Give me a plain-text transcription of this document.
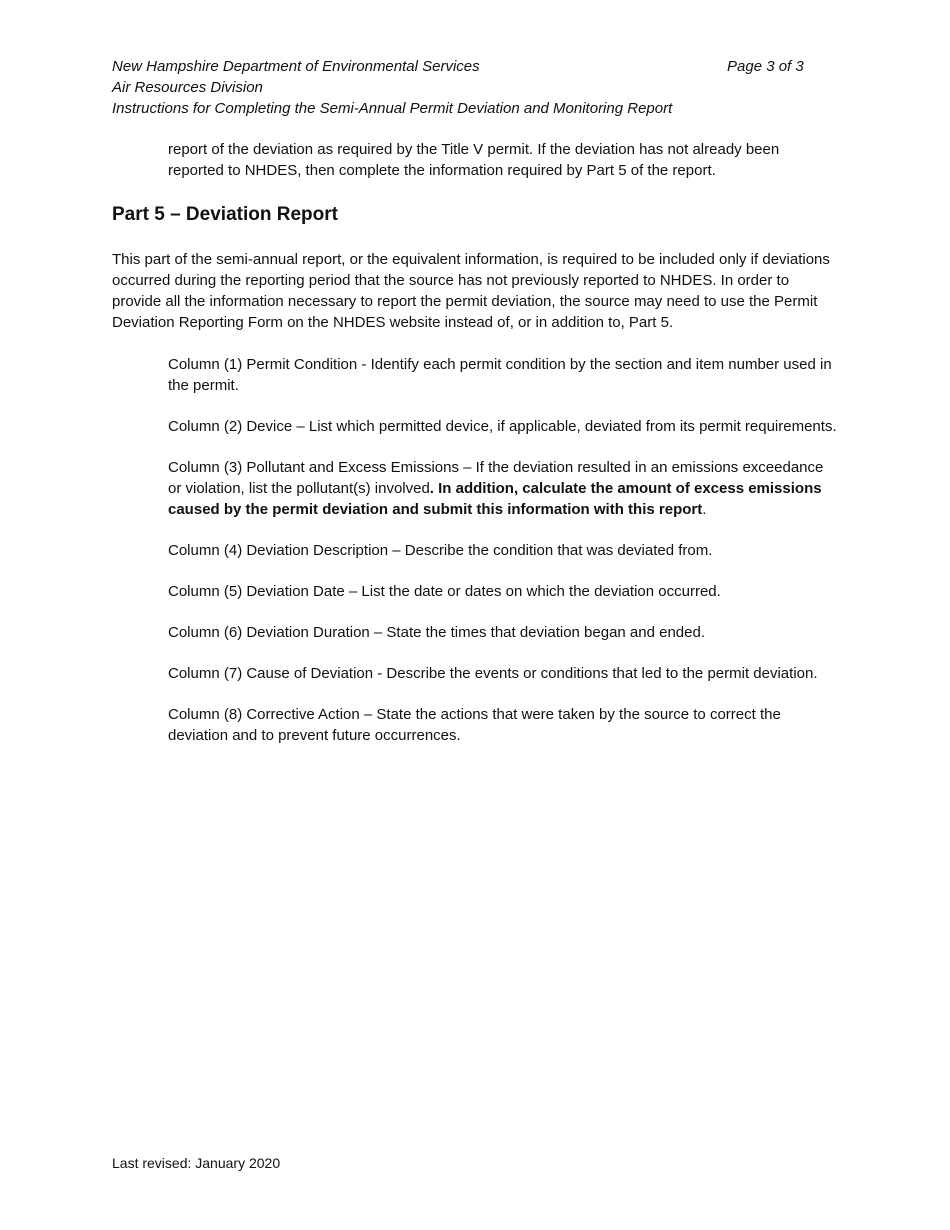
New Hampshire Department of Environmental Services
Air Resources Division
Instructions for Completing the Semi-Annual Permit Deviation and Monitoring Report
Page 3 of 3

report of the deviation as required by the Title V permit. If the deviation has not already been reported to NHDES, then complete the information required by Part 5 of the report.

Part 5 – Deviation Report

This part of the semi-annual report, or the equivalent information, is required to be included only if deviations occurred during the reporting period that the source has not previously reported to NHDES. In order to provide all the information necessary to report the permit deviation, the source may need to use the Permit Deviation Reporting Form on the NHDES website instead of, or in addition to, Part 5.

Column (1) Permit Condition - Identify each permit condition by the section and item number used in the permit.

Column (2) Device – List which permitted device, if applicable, deviated from its permit requirements.

Column (3) Pollutant and Excess Emissions – If the deviation resulted in an emissions exceedance or violation, list the pollutant(s) involved. In addition, calculate the amount of excess emissions caused by the permit deviation and submit this information with this report.

Column (4) Deviation Description – Describe the condition that was deviated from.

Column (5) Deviation Date – List the date or dates on which the deviation occurred.

Column (6) Deviation Duration – State the times that deviation began and ended.

Column (7) Cause of Deviation - Describe the events or conditions that led to the permit deviation.

Column (8) Corrective Action – State the actions that were taken by the source to correct the deviation and to prevent future occurrences.

Last revised: January 2020
